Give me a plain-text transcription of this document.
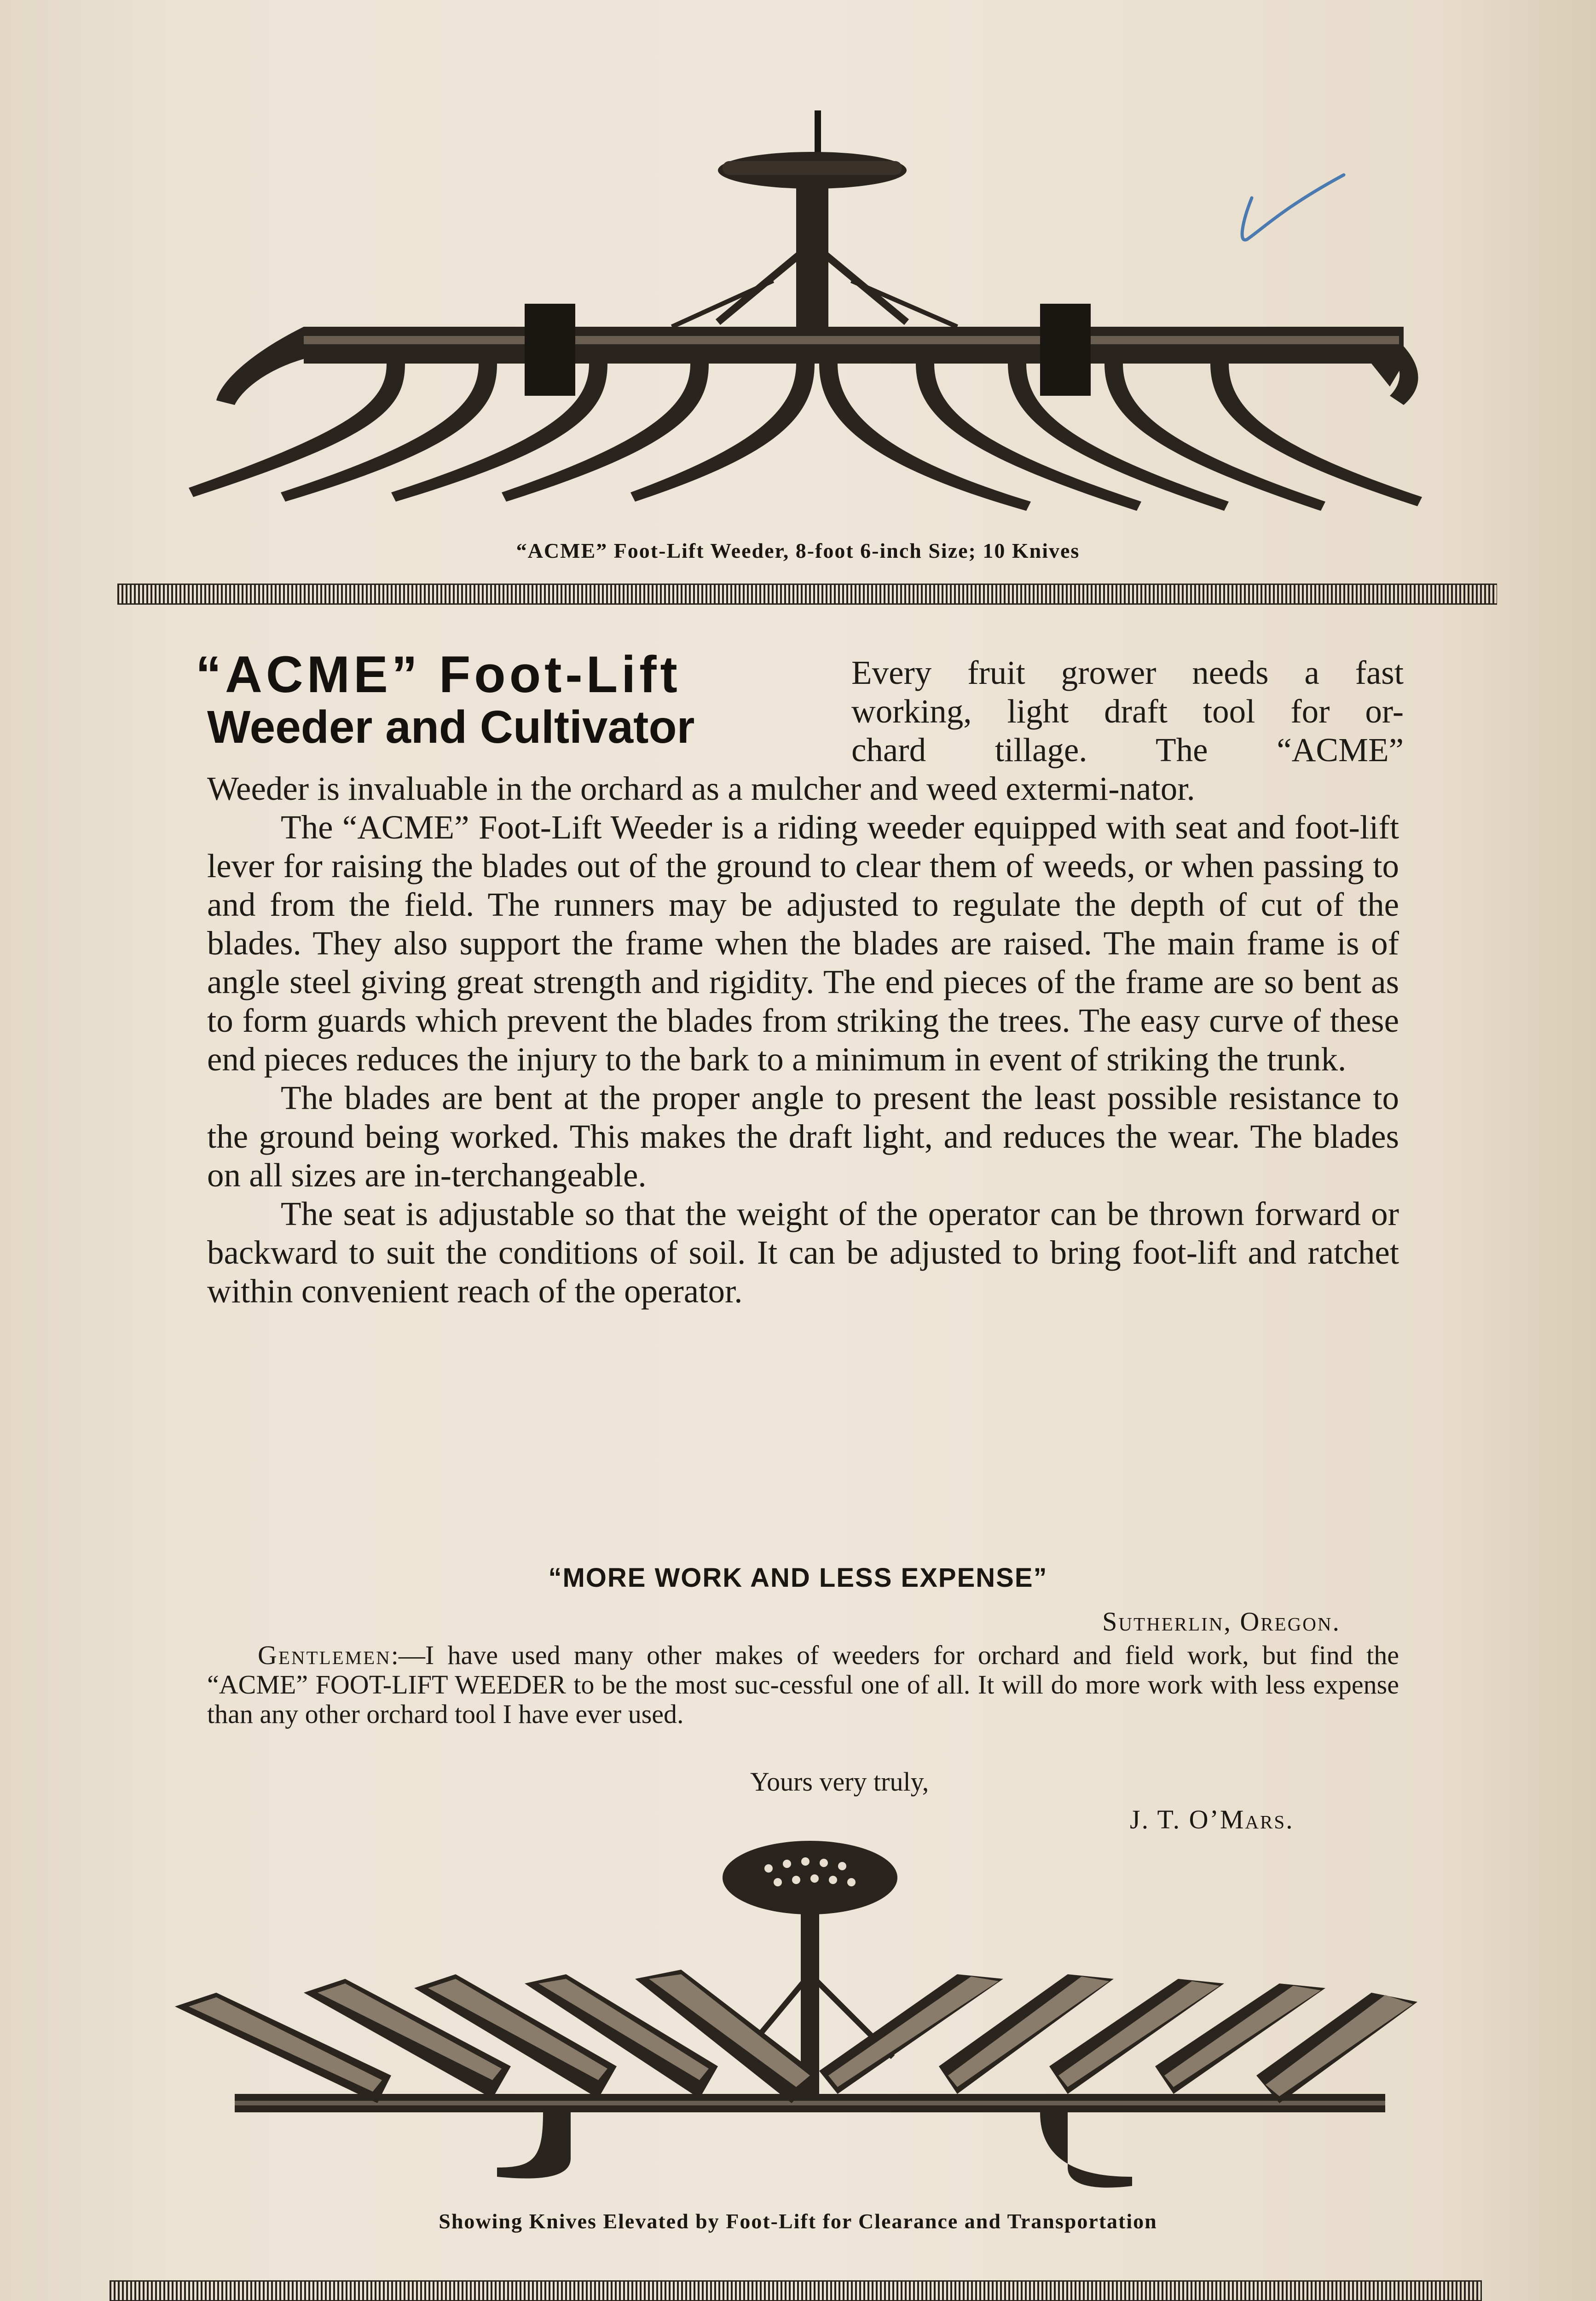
“ACME” Foot-Lift Weeder, 8-foot 6-inch Size; 10 Knives
“ACME” Foot-Lift
Weeder and Cultivator
Every fruit grower needs a fast
working, light draft tool for or-
chard tillage. The “ACME”

Weeder is invaluable in the orchard as a mulcher and weed extermi-nator.

The “ACME” Foot-Lift Weeder is a riding weeder equipped with seat and foot-lift lever for raising the blades out of the ground to clear them of weeds, or when passing to and from the field. The runners may be adjusted to regulate the depth of cut of the blades. They also support the frame when the blades are raised. The main frame is of angle steel giving great strength and rigidity. The end pieces of the frame are so bent as to form guards which prevent the blades from striking the trees. The easy curve of these end pieces reduces the injury to the bark to a minimum in event of striking the trunk.

The blades are bent at the proper angle to present the least possible resistance to the ground being worked. This makes the draft light, and reduces the wear. The blades on all sizes are in-terchangeable.

The seat is adjustable so that the weight of the operator can be thrown forward or backward to suit the conditions of soil. It can be adjusted to bring foot-lift and ratchet within convenient reach of the operator.

“MORE WORK AND LESS EXPENSE”
Sutherlin, Oregon.
Gentlemen:—I have used many other makes of weeders for orchard and field work, but find the “ACME” FOOT-LIFT WEEDER to be the most suc-cessful one of all. It will do more work with less expense than any other orchard tool I have ever used.
Yours very truly,
J. T. O’Mars.
Showing Knives Elevated by Foot-Lift for Clearance and Transportation
